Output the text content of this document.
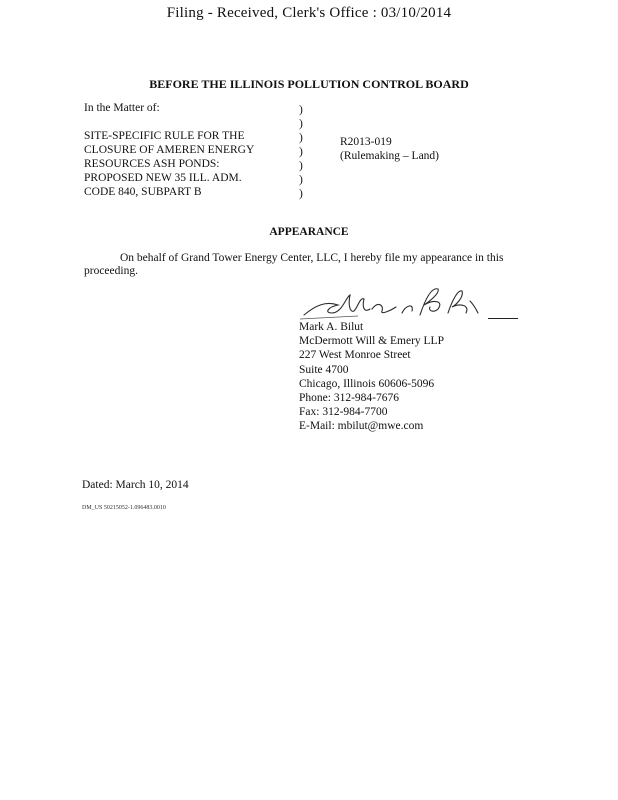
Filing - Received, Clerk's Office : 03/10/2014
BEFORE THE ILLINOIS POLLUTION CONTROL BOARD
In the Matter of:

SITE-SPECIFIC RULE FOR THE
CLOSURE OF AMEREN ENERGY
RESOURCES ASH PONDS:
PROPOSED NEW 35 ILL. ADM.
CODE 840, SUBPART B
)
)
)
)
)
)
)
R2013-019
(Rulemaking – Land)
APPEARANCE
On behalf of Grand Tower Energy Center, LLC, I hereby file my appearance in this proceeding.
Mark A. Bilut
McDermott Will & Emery LLP
227 West Monroe Street
Suite 4700
Chicago, Illinois 60606-5096
Phone: 312-984-7676
Fax: 312-984-7700
E-Mail: mbilut@mwe.com
Dated: March 10, 2014
DM_US 50215052-1.096483.0010
